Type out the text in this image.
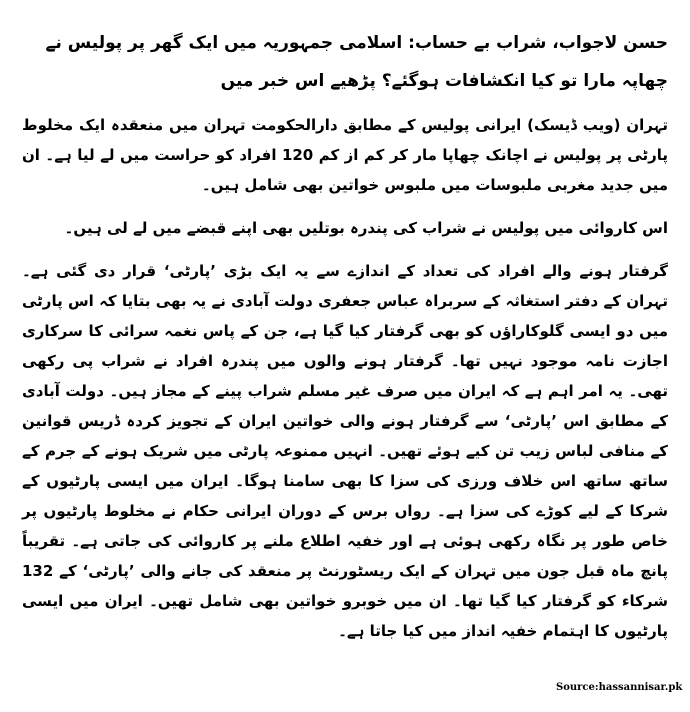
حسن لاجواب، شراب بے حساب: اسلامی جمہوریہ میں ایک گھر پر پولیس نے چھاپہ مارا تو کیا انکشافات ہوگئے؟ پڑھیے اس خبر میں

تہران (ویب ڈیسک) ایرانی پولیس کے مطابق دارالحکومت تہران میں منعقدہ ایک مخلوط پارٹی پر پولیس نے اچانک چھاپا مار کر کم از کم 120 افراد کو حراست میں لے لیا ہے۔ ان میں جدید مغربی ملبوسات میں ملبوس خواتین بھی شامل ہیں۔

اس کاروائی میں پولیس نے شراب کی پندرہ بوتلیں بھی اپنے قبضے میں لے لی ہیں۔

گرفتار ہونے والے افراد کی تعداد کے اندازے سے یہ ایک بڑی ’پارٹی‘ قرار دی گئی ہے۔ تہران کے دفتر استغاثہ کے سربراہ عباس جعفری دولت آبادی نے یہ بھی بتایا کہ اس پارٹی میں دو ایسی گلوکاراؤں کو بھی گرفتار کیا گیا ہے، جن کے پاس نغمہ سرائی کا سرکاری اجازت نامہ موجود نہیں تھا۔ گرفتار ہونے والوں میں پندرہ افراد نے شراب پی رکھی تھی۔ یہ امر اہم ہے کہ ایران میں صرف غیر مسلم شراب پینے کے مجاز ہیں۔ دولت آبادی کے مطابق اس ’پارٹی‘ سے گرفتار ہونے والی خواتین ایران کے تجویز کردہ ڈریس قوانین کے منافی لباس زیب تن کیے ہوئے تھیں۔ انہیں ممنوعہ پارٹی میں شریک ہونے کے جرم کے ساتھ ساتھ اس خلاف ورزی کی سزا کا بھی سامنا ہوگا۔ ایران میں ایسی پارٹیوں کے شرکا کے لیے کوڑے کی سزا ہے۔ رواں برس کے دوران ایرانی حکام نے مخلوط پارٹیوں پر خاص طور پر نگاہ رکھی ہوئی ہے اور خفیہ اطلاع ملنے پر کاروائی کی جاتی ہے۔ تقریباً پانچ ماہ قبل جون میں تہران کے ایک ریسٹورنٹ پر منعقد کی جانے والی ’پارٹی‘ کے 132 شرکاء کو گرفتار کیا گیا تھا۔ ان میں خوبرو خواتین بھی شامل تھیں۔ ایران میں ایسی پارٹیوں کا اہتمام خفیہ انداز میں کیا جاتا ہے۔

Source:hassannisar.pk
